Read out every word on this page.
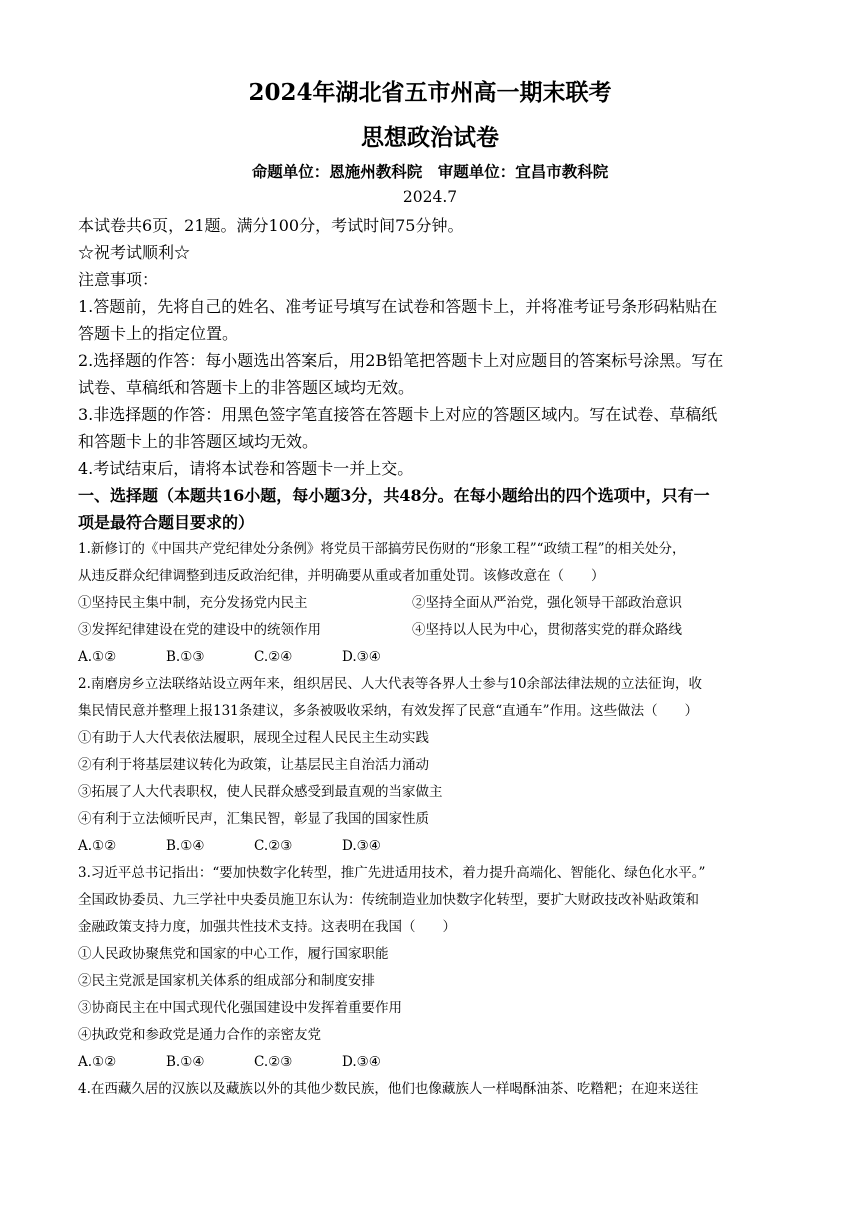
2024年湖北省五市州高一期末联考
思想政治试卷
命题单位：恩施州教科院　审题单位：宜昌市教科院
2024.7
本试卷共6页，21题。满分100分，考试时间75分钟。
☆祝考试顺利☆
注意事项：
1.答题前，先将自己的姓名、准考证号填写在试卷和答题卡上，并将准考证号条形码粘贴在
答题卡上的指定位置。
2.选择题的作答：每小题选出答案后，用2B铅笔把答题卡上对应题目的答案标号涂黑。写在
试卷、草稿纸和答题卡上的非答题区域均无效。
3.非选择题的作答：用黑色签字笔直接答在答题卡上对应的答题区域内。写在试卷、草稿纸
和答题卡上的非答题区域均无效。
4.考试结束后，请将本试卷和答题卡一并上交。
一、选择题（本题共16小题，每小题3分，共48分。在每小题给出的四个选项中，只有一
项是最符合题目要求的）
1.新修订的《中国共产党纪律处分条例》将党员干部搞劳民伤财的“形象工程”“政绩工程”的相关处分，
从违反群众纪律调整到违反政治纪律，并明确要从重或者加重处罚。该修改意在（　　）
①坚持民主集中制，充分发扬党内民主	②坚持全面从严治党，强化领导干部政治意识
③发挥纪律建设在党的建设中的统领作用	④坚持以人民为中心，贯彻落实党的群众路线
A.①②	B.①③	C.②④	D.③④
2.南磨房乡立法联络站设立两年来，组织居民、人大代表等各界人士参与10余部法律法规的立法征询，收
集民情民意并整理上报131条建议，多条被吸收采纳，有效发挥了民意“直通车”作用。这些做法（　　）
①有助于人大代表依法履职，展现全过程人民民主生动实践
②有利于将基层建议转化为政策，让基层民主自治活力涌动
③拓展了人大代表职权，使人民群众感受到最直观的当家做主
④有利于立法倾听民声，汇集民智，彰显了我国的国家性质
A.①②	B.①④	C.②③	D.③④
3.习近平总书记指出：“要加快数字化转型，推广先进适用技术，着力提升高端化、智能化、绿色化水平。”
全国政协委员、九三学社中央委员施卫东认为：传统制造业加快数字化转型，要扩大财政技改补贴政策和
金融政策支持力度，加强共性技术支持。这表明在我国（　　）
①人民政协聚焦党和国家的中心工作，履行国家职能
②民主党派是国家机关体系的组成部分和制度安排
③协商民主在中国式现代化强国建设中发挥着重要作用
④执政党和参政党是通力合作的亲密友党
A.①②	B.①④	C.②③	D.③④
4.在西藏久居的汉族以及藏族以外的其他少数民族，他们也像藏族人一样喝酥油茶、吃糌粑；在迎来送往
